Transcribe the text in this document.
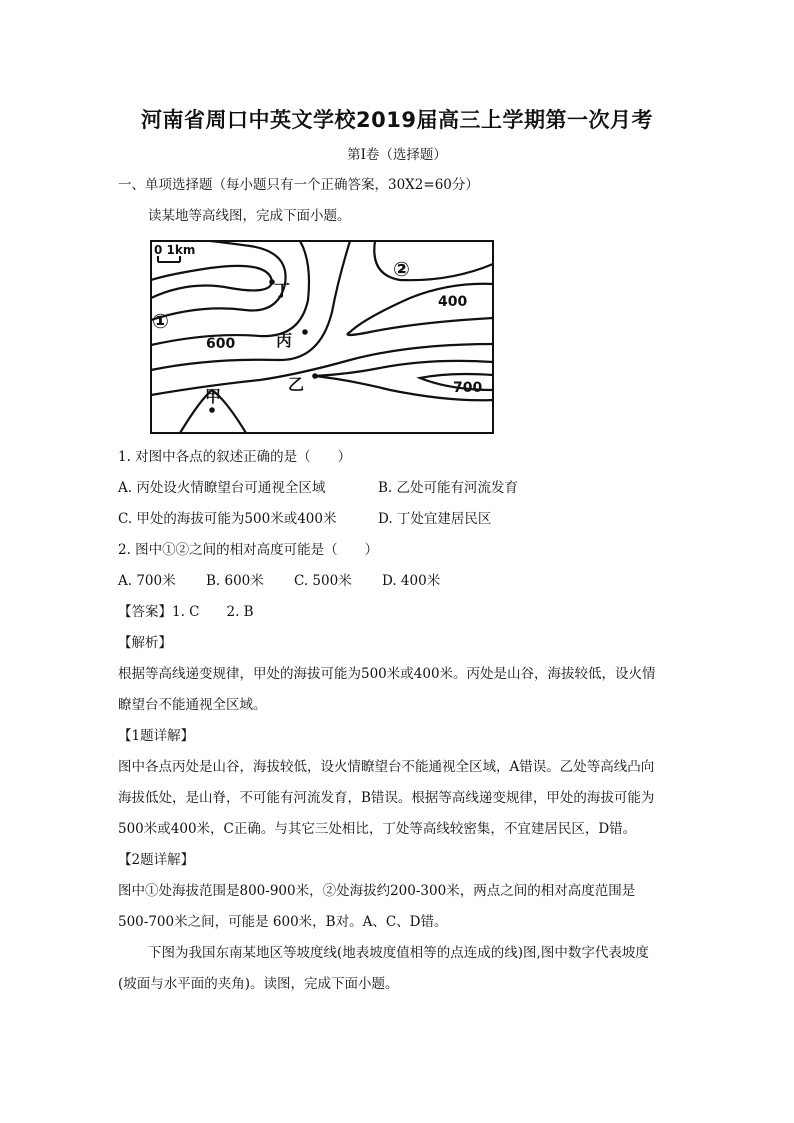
河南省周口中英文学校2019届高三上学期第一次月考
第Ⅰ卷（选择题）
一、单项选择题（每小题只有一个正确答案，30X2=60分）
读某地等高线图，完成下面小题。
0 1km
①
②
丁
丙
乙
甲
600
400
700
1. 对图中各点的叙述正确的是（　　）
A. 丙处设火情瞭望台可通视全区域	B. 乙处可能有河流发育
C. 甲处的海拔可能为500米或400米	D. 丁处宜建居民区
2. 图中①②之间的相对高度可能是（　　）
A. 700米 B. 600米 C. 500米 D. 400米
【答案】1. C　　2. B
【解析】
根据等高线递变规律，甲处的海拔可能为500米或400米。丙处是山谷，海拔较低，设火情
瞭望台不能通视全区域。
【1题详解】
图中各点丙处是山谷，海拔较低，设火情瞭望台不能通视全区域，A错误。乙处等高线凸向
海拔低处，是山脊，不可能有河流发育，B错误。根据等高线递变规律，甲处的海拔可能为
500米或400米，C正确。与其它三处相比，丁处等高线较密集，不宜建居民区，D错。
【2题详解】
图中①处海拔范围是800-900米，②处海拔约200-300米，两点之间的相对高度范围是
500-700米之间，可能是 600米，B对。A、C、D错。
下图为我国东南某地区等坡度线(地表坡度值相等的点连成的线)图,图中数字代表坡度
(坡面与水平面的夹角)。读图，完成下面小题。
